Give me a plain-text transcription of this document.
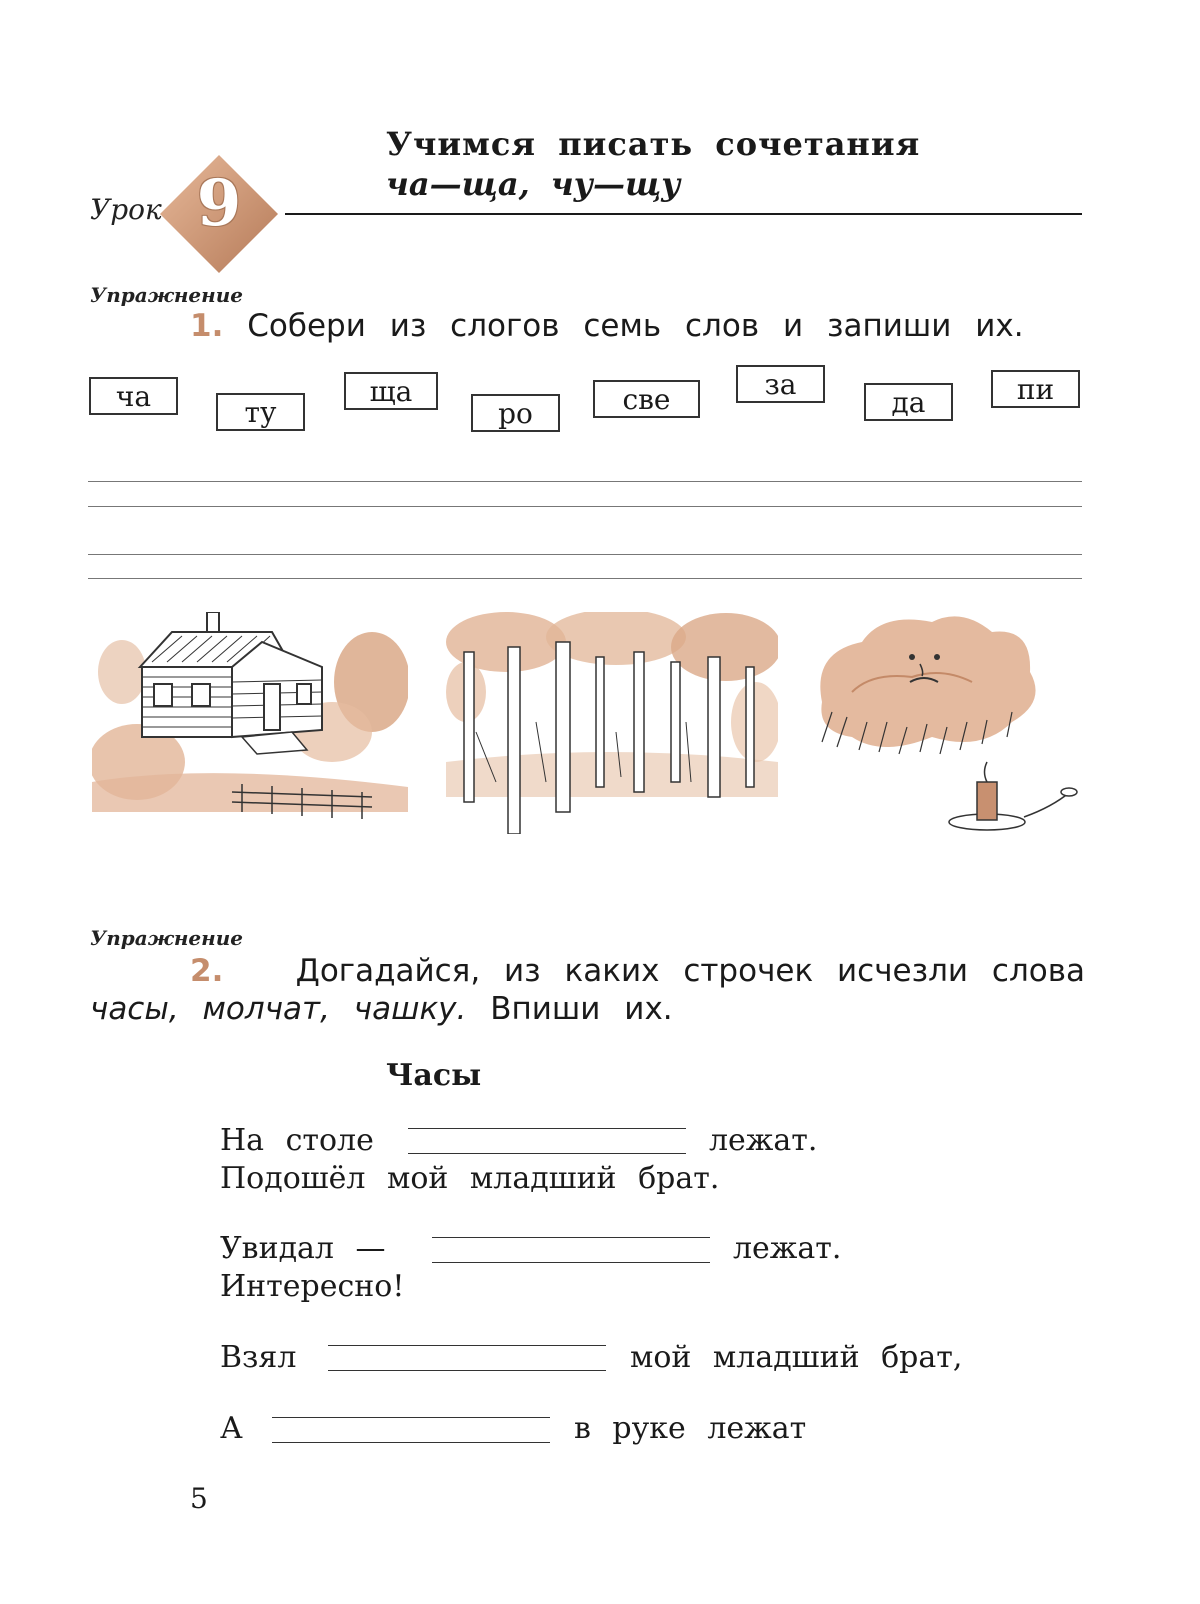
Урок 9
Учимся писать сочетания
ча—ща, чу—щу
Упражнение
1. Собери из слогов семь слов и запиши их.
ча	ту
ща
ро	све	за
да	пи
Упражнение
2. Догадайся, из каких строчек исчезли слова
часы, молчат, чашку. Впиши их.
Часы
На столе	лежат.
Подошёл мой младший брат.
Увидал —	лежат.
Интересно!
Взял	мой младший брат,
А	в руке лежат
5
